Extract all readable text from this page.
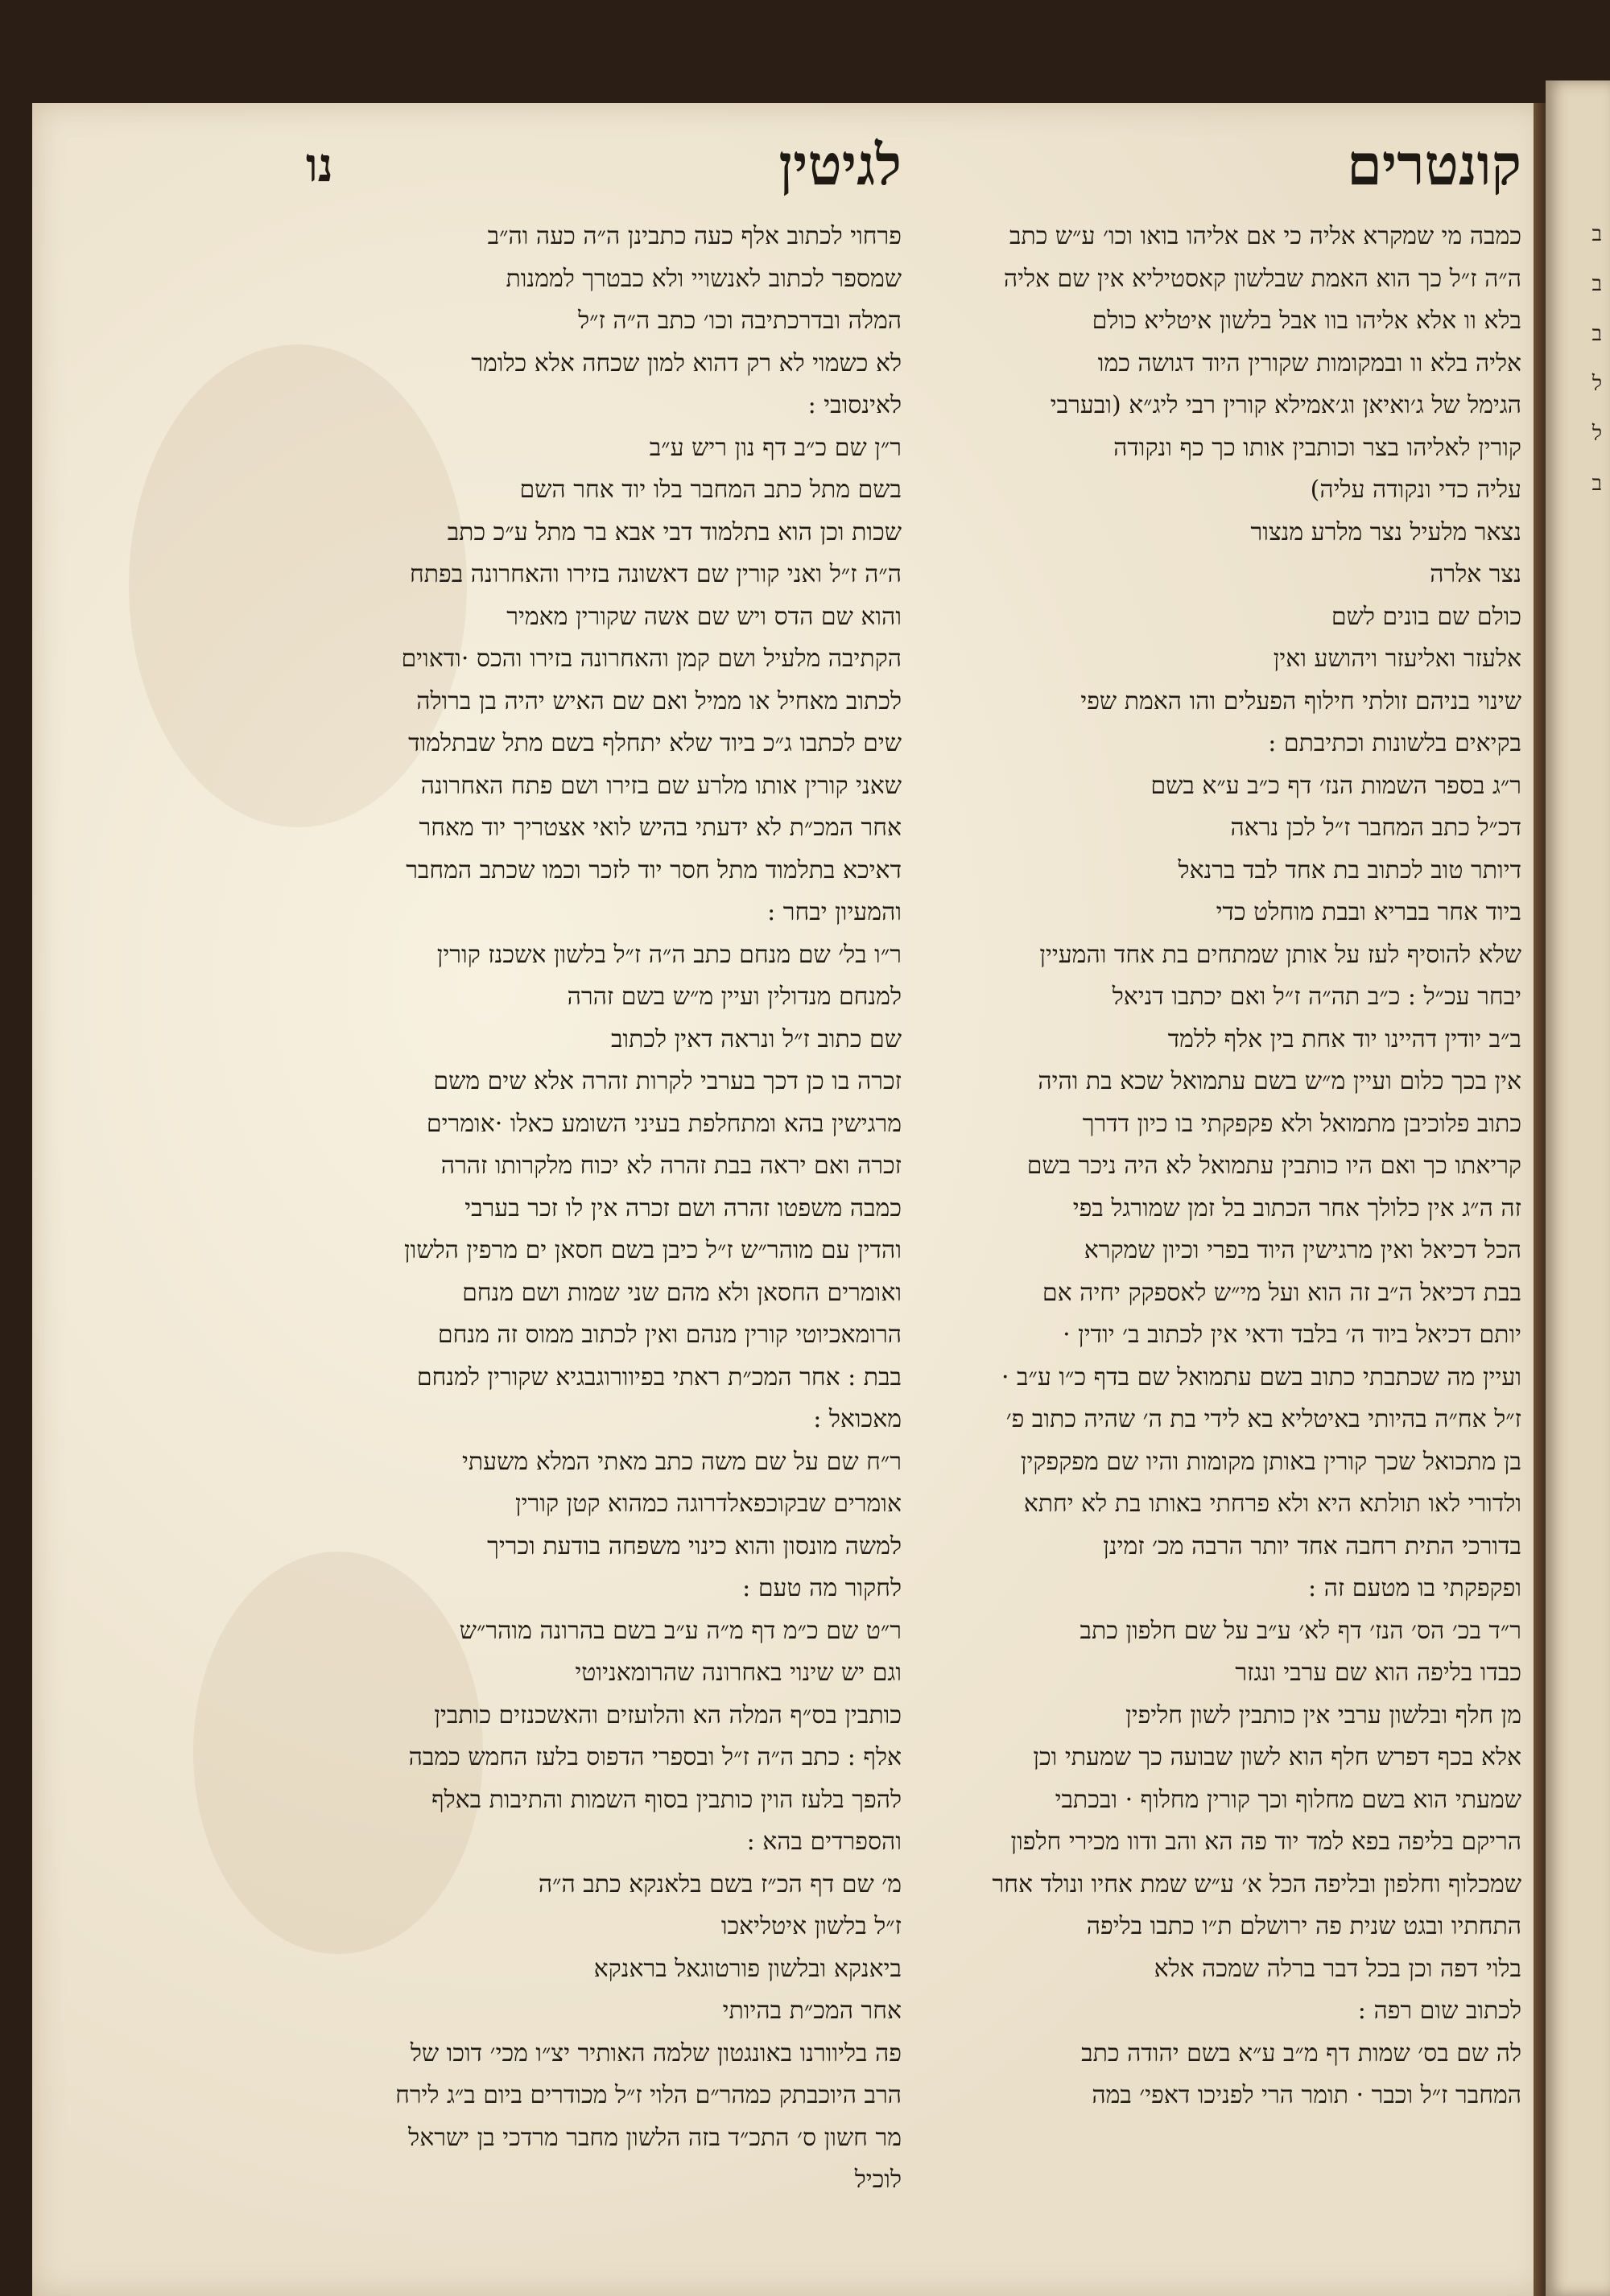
ב
ב
ב
ל
ל
ב
קונטרים
כמבה מי שמקרא אליה כי אם אליהו בואו וכו׳ ע״ש כתב
ה״ה ז״ל כך הוא האמת שבלשון קאסטיליא אין שם אליה
בלא וו אלא אליהו בוו אבל בלשון איטליא כולם
אליה בלא וו ובמקומות שקורין היוד דגושה כמו
הגימל של ג׳ואיאן וג׳אמילא קורין רבי ליג״א (ובערבי
קורין לאליהו בצר וכותבין אותו כך כף ונקודה
עליה כדי ונקודה עליה)
נצאר מלעיל נצר מלרע מנצור
נצר אלרה
כולם שם בונים לשם
אלעזר ואליעזר ויהושע ואין
שינוי בניהם זולתי חילוף הפעלים והו האמת שפי
בקיאים בלשונות וכתיבתם :
ר״ג בספר השמות הנז׳ דף כ״ב ע״א בשם
דכ״ל כתב המחבר ז״ל לכן נראה
דיותר טוב לכתוב בת אחד לבד ברנאל
ביוד אחר בבריא ובבת מוחלט כדי
שלא להוסיף לעז על אותן שמתחים בת אחד והמעיין
יבחר עכ״ל : כ״ב תה״ה ז״ל ואם יכתבו דניאל
ב״ב יודין דהיינו יוד אחת בין אלף ללמד
אין בכך כלום ועיין מ״ש בשם עתמואל שכא בת והיה
כתוב פלוכיבן מתמואל ולא פקפקתי בו כיון דדרך
קריאתו כך ואם היו כותבין עתמואל לא היה ניכר בשם
זה ה״ג אין כלולך אחר הכתוב בל זמן שמורגל בפי
הכל דכיאל ואין מרגישין היוד בפרי וכיון שמקרא
בבת דכיאל ה״ב זה הוא ועל מי״ש לאספקק יחיה אם
יותם דכיאל ביוד ה׳ בלבד ודאי אין לכתוב ב׳ יודין ·
ועיין מה שכתבתי כתוב בשם עתמואל שם בדף כ״ו ע״ב ·
ז״ל אח״ה בהיותי באיטליא בא לידי בת ה׳ שהיה כתוב פ׳
בן מתכואל שכך קורין באותן מקומות והיו שם מפקפקין
ולדורי לאו תולתא היא ולא פרחתי באותו בת לא יחתא
בדורכי התית רחבה אחד יותר הרבה מכ׳ זמינן
ופקפקתי בו מטעם זה :
ר״ד בכ׳ הס׳ הנז׳ דף לא׳ ע״ב על שם חלפון כתב
כבדו בליפה הוא שם ערבי ונגזר
מן חלף ובלשון ערבי אין כותבין לשון חליפין
אלא בכף דפרש חלף הוא לשון שבועה כך שמעתי וכן
שמעתי הוא בשם מחלוף וכך קורין מחלוף · ובכתבי
הריקם בליפה בפא למד יוד פה הא והב ודוו מכירי חלפון
שמכלוף וחלפון ובליפה הכל א׳ ע״ש שמת אחיו ונולד אחר
התחתיו ובגט שנית פה ירושלם ת״ו כתבו בליפה
בלוי דפה וכן בכל דבר ברלה שמכה אלא
לכתוב שום רפה :
לה שם בס׳ שמות דף מ״ב ע״א בשם יהודה כתב
המחבר ז״ל וכבר · תומר הרי לפניכו דאפי׳ במה
לגיטין
נו
פרחוי לכתוב אלף כעה כתבינן ה״ה כעה וה״ב
שמספר לכתוב לאנשויי ולא כבטרך לממנות
המלה ובדרכתיבה וכו׳ כתב ה״ה ז״ל
לא כשמוי לא רק דהוא למון שכחה אלא כלומר
לאינסובי :
ר״ן שם כ״ב דף נון ריש ע״ב
בשם מתל כתב המחבר בלו יוד אחר השם
שכות וכן הוא בתלמוד דבי אבא בר מתל ע״כ כתב
ה״ה ז״ל ואני קורין שם דאשונה בזירו והאחרונה בפתח
והוא שם הדס ויש שם אשה שקורין מאמיר
הקתיבה מלעיל ושם קמן והאחרונה בזירו והכס ·ודאוים
לכתוב מאחיל או ממיל ואם שם האיש יהיה בן ברולה
שים לכתבו ג״כ ביוד שלא יתחלף בשם מתל שבתלמוד
שאני קורין אותו מלרע שם בזירו ושם פתח האחרונה
אחר המכ״ת לא ידעתי בהיש לואי אצטריך יוד מאחר
דאיכא בתלמוד מתל חסר יוד לזכר וכמו שכתב המחבר
והמעיון יבחר :
ר״ו בל׳ שם מנחם כתב ה״ה ז״ל בלשון אשכנז קורין
למנחם מנדולין ועיין מ״ש בשם זהרה
שם כתוב ז״ל ונראה דאין לכתוב
זכרה בו כן דכך בערבי לקרות זהרה אלא שים משם
מרגישין בהא ומתחלפת בעיני השומע כאלו ·אומרים
זכרה ואם יראה בבת זהרה לא יכוח מלקרותו זהרה
כמבה משפטו זהרה ושם זכרה אין לו זכר בערבי
והדין עם מוהר״ש ז״ל כיבן בשם חסאן ים מרפין הלשון
ואומרים החסאן ולא מהם שני שמות ושם מנחם
הרומאכיוטי קורין מנהם ואין לכתוב ממוס זה מנחם
בבת : אחר המכ״ת ראתי בפיוורוגבגיא שקורין למנחם
מאכואל :
ר״ח שם על שם משה כתב מאתי המלא משעתי
אומרים שבקוכפאלדרוגה כמהוא קטן קורין
למשה מונסון והוא כינוי משפחה בודעת וכריך
לחקור מה טעם :
ר״ט שם כ״מ דף מ״ה ע״ב בשם בהרונה מוהר״ש
וגם יש שינוי באחרונה שהרומאניוטי
כותבין בס״ף המלה הא והלועזים והאשכנזים כותבין
אלף : כתב ה״ה ז״ל ובספרי הדפוס בלעז החמש כמבה
להפך בלעז הוין כותבין בסוף השמות והתיבות באלף
והספרדים בהא :
מ׳ שם דף הכ״ז בשם בלאנקא כתב ה״ה
ז״ל בלשון איטליאכו
ביאנקא ובלשון פורטוגאל בראנקא
אחר המכ״ת בהיותי
פה בליוורנו באונגטון שלמה האותיר יצ״ו מכי׳ דוכו של
הרב היוכבתק כמהר״ם הלוי ז״ל מכודרים ביום ב״ג לירח
מר חשון ס׳ התכ״ד בזה הלשון מחבר מרדכי בן ישראל
לוכיל
